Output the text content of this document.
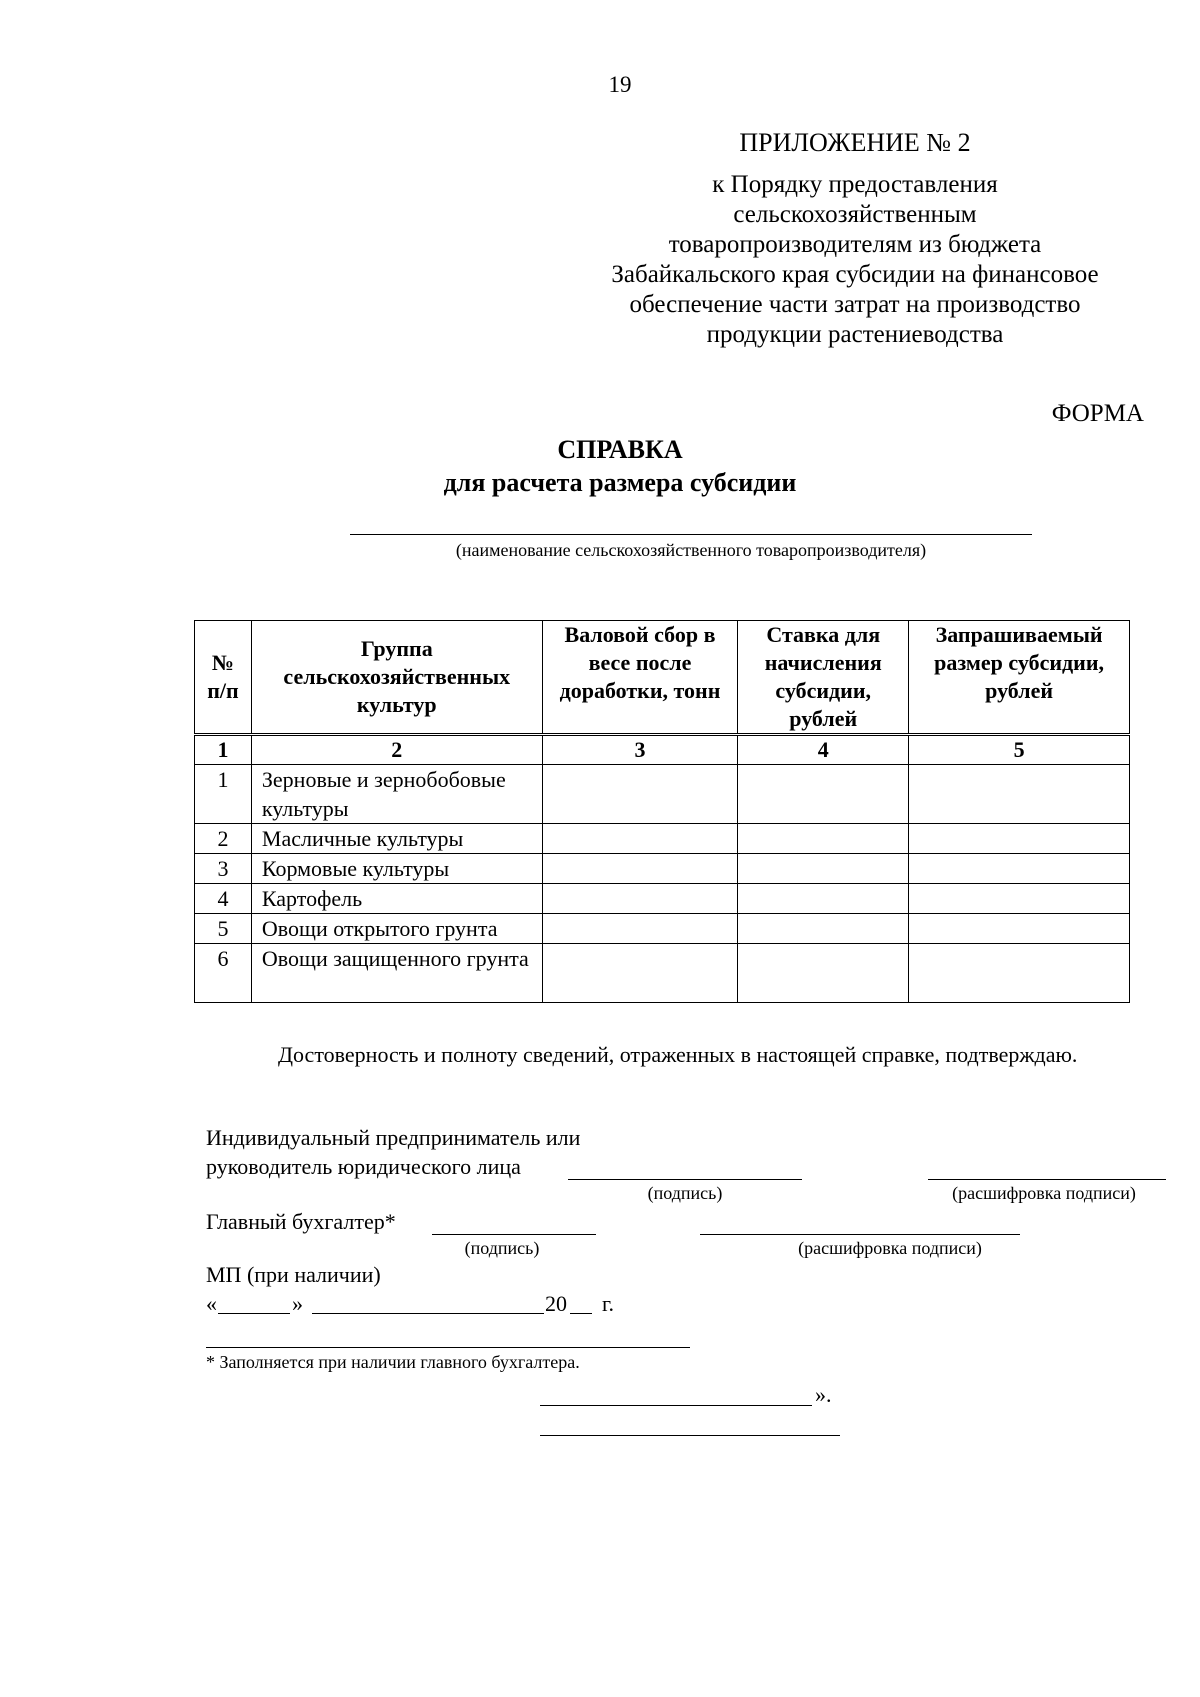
19
ПРИЛОЖЕНИЕ № 2
к Порядку предоставления
сельскохозяйственным
товаропроизводителям из бюджета
Забайкальского края субсидии на финансовое
обеспечение части затрат на производство
продукции растениеводства
ФОРМА
СПРАВКА
для расчета размера субсидии
(наименование сельскохозяйственного товаропроизводителя)
№ п/п	Группа сельскохозяйственных культур	Валовой сбор в весе после доработки, тонн	Ставка для начисления субсидии, рублей	Запрашиваемый размер субсидии, рублей
1	2	3	4	5
1	Зерновые и зернобобовые культуры			
2	Масличные культуры			
3	Кормовые культуры			
4	Картофель			
5	Овощи открытого грунта			
6	Овощи защищенного грунта			
Достоверность и полноту сведений, отраженных в настоящей справке, подтверждаю.
Индивидуальный предприниматель или
руководитель юридического лица
(подпись)	(расшифровка подписи)
Главный бухгалтер*
(подпись)	(расшифровка подписи)
МП (при наличии)
«	»	20 г.
* Заполняется при наличии главного бухгалтера.
».
